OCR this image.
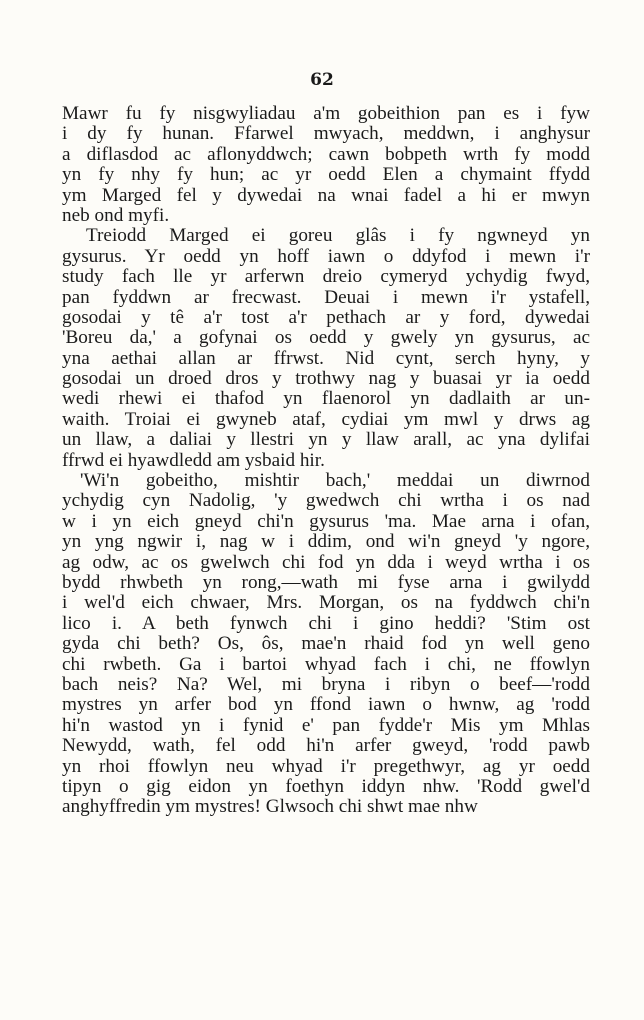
62
Mawr fu fy nisgwyliadau a'm gobeithion pan es i fyw
i dy fy hunan. Ffarwel mwyach, meddwn, i anghysur
a diflasdod ac aflonyddwch; cawn bobpeth wrth fy modd
yn fy nhy fy hun; ac yr oedd Elen a chymaint ffydd
ym Marged fel y dywedai na wnai fadel a hi er mwyn
neb ond myfi.
Treiodd Marged ei goreu glâs i fy ngwneyd yn
gysurus. Yr oedd yn hoff iawn o ddyfod i mewn i'r
study fach lle yr arferwn dreio cymeryd ychydig fwyd,
pan fyddwn ar frecwast. Deuai i mewn i'r ystafell,
gosodai y tê a'r tost a'r pethach ar y ford, dywedai
'Boreu da,' a gofynai os oedd y gwely yn gysurus, ac
yna aethai allan ar ffrwst. Nid cynt, serch hyny, y
gosodai un droed dros y trothwy nag y buasai yr ia oedd
wedi rhewi ei thafod yn flaenorol yn dadlaith ar un-
waith. Troiai ei gwyneb ataf, cydiai ym mwl y drws ag
un llaw, a daliai y llestri yn y llaw arall, ac yna dylifai
ffrwd ei hyawdledd am ysbaid hir.
'Wi'n gobeitho, mishtir bach,' meddai un diwrnod
ychydig cyn Nadolig, 'y gwedwch chi wrtha i os nad
w i yn eich gneyd chi'n gysurus 'ma. Mae arna i ofan,
yn yng ngwir i, nag w i ddim, ond wi'n gneyd 'y ngore,
ag odw, ac os gwelwch chi fod yn dda i weyd wrtha i os
bydd rhwbeth yn rong,—wath mi fyse arna i gwilydd
i wel'd eich chwaer, Mrs. Morgan, os na fyddwch chi'n
lico i. A beth fynwch chi i gino heddi? 'Stim ost
gyda chi beth? Os, ôs, mae'n rhaid fod yn well geno
chi rwbeth. Ga i bartoi whyad fach i chi, ne ffowlyn
bach neis? Na? Wel, mi bryna i ribyn o beef—'rodd
mystres yn arfer bod yn ffond iawn o hwnw, ag 'rodd
hi'n wastod yn i fynid e' pan fydde'r Mis ym Mhlas
Newydd, wath, fel odd hi'n arfer gweyd, 'rodd pawb
yn rhoi ffowlyn neu whyad i'r pregethwyr, ag yr oedd
tipyn o gig eidon yn foethyn iddyn nhw. 'Rodd gwel'd
anghyffredin ym mystres! Glwsoch chi shwt mae nhw
